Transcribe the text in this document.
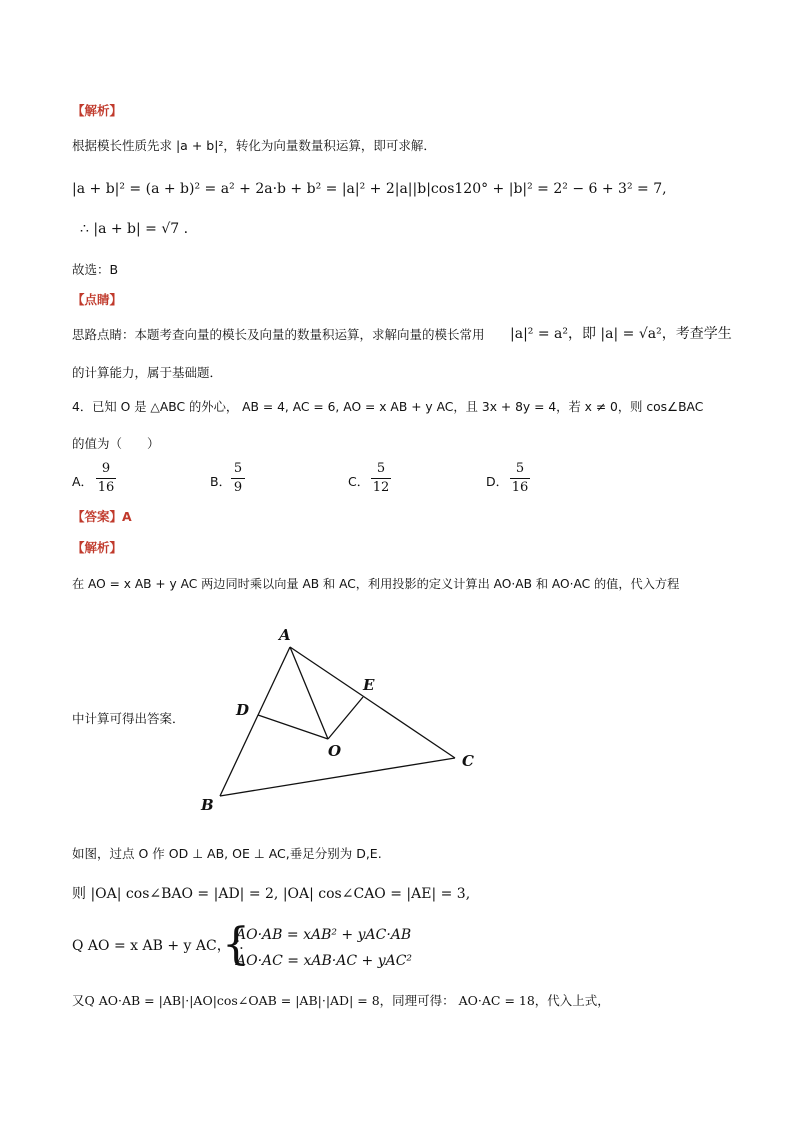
【解析】
根据模长性质先求 |a + b|²，转化为向量数量积运算，即可求解．
|a + b|² = (a + b)² = a² + 2a·b + b² = |a|² + 2|a||b|cos120° + |b|² = 2² − 6 + 3² = 7,
∴ |a + b| = √7 .
故选：B
【点睛】
思路点睛：本题考查向量的模长及向量的数量积运算，求解向量的模长常用 |a|² = a²，即 |a| = √a²，考查学生
的计算能力，属于基础题．
4．已知 O 是 △ABC 的外心， AB = 4, AC = 6, AO = x AB + y AC，且 3x + 8y = 4，若 x ≠ 0，则 cos∠BAC
的值为（　　）
A．
9
16	B．
5
9	C．
5
12	D．
5
16
【答案】A
【解析】
在 AO = x AB + y AC 两边同时乘以向量 AB 和 AC，利用投影的定义计算出 AO·AB 和 AO·AC 的值，代入方程
A
B
C
D
E
O
中计算可得出答案．
如图，过点 O 作 OD ⊥ AB, OE ⊥ AC,垂足分别为 D,E.
则 |OA| cos∠BAO = |AD| = 2, |OA| cos∠CAO = |AE| = 3,
Q AO = x AB + y AC，∴
{
AO·AB = xAB² + yAC·AB
AO·AC = xAB·AC + yAC²
又Q AO·AB = |AB|·|AO|cos∠OAB = |AB|·|AD| = 8，同理可得： AO·AC = 18，代入上式，
